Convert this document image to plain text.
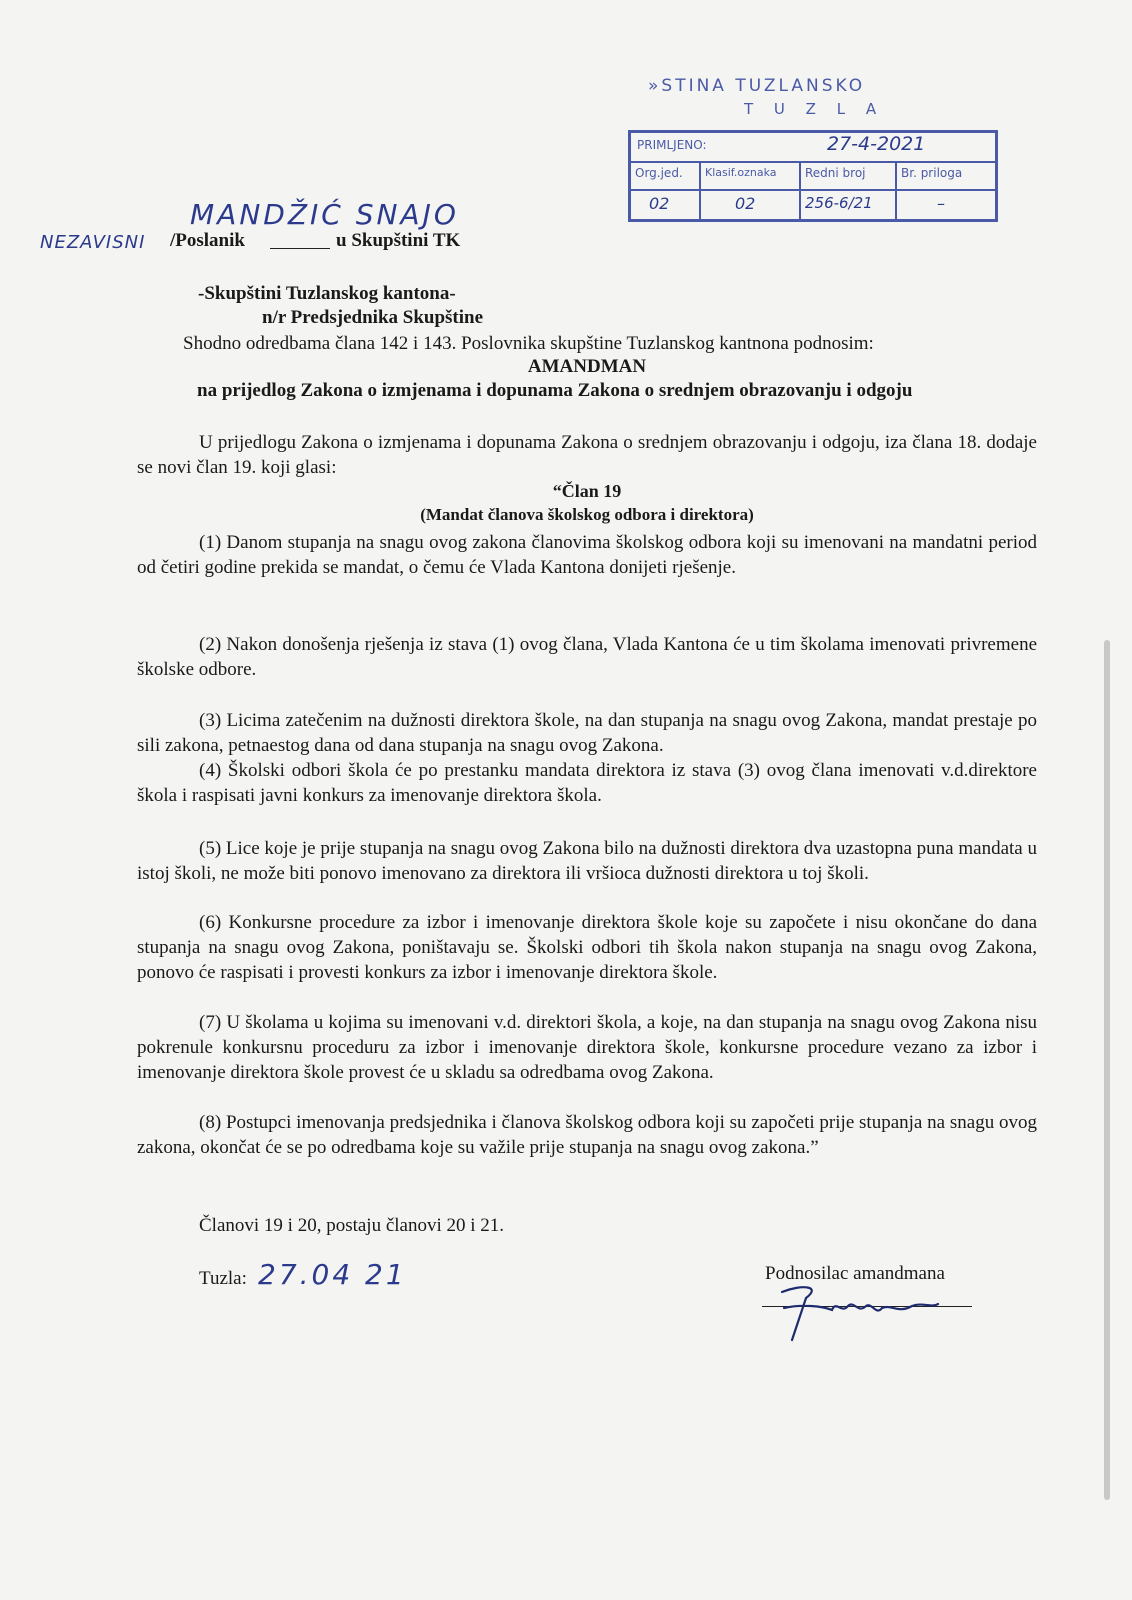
»STINA TUZLANSKO
T U Z L A
PRIMLJENO:	27-4-2021
Org.jed.	Klasif.oznaka	Redni broj	Br. priloga
02	02	256-6/21	–
MANDŽIĆ SNAJO
NEZAVISNI /Poslanik	u Skupštini TK
-Skupštini Tuzlanskog kantona-
n/r Predsjednika Skupštine
Shodno odredbama člana 142 i 143. Poslovnika skupštine Tuzlanskog kantnona podnosim:
AMANDMAN
na prijedlog Zakona o izmjenama i dopunama Zakona o srednjem obrazovanju i odgoju
U prijedlogu Zakona o izmjenama i dopunama Zakona o srednjem obrazovanju i odgoju, iza člana 18. dodaje se novi član 19. koji glasi:
“Član 19
(Mandat članova školskog odbora i direktora)
(1) Danom stupanja na snagu ovog zakona članovima školskog odbora koji su imenovani na mandatni period od četiri godine prekida se mandat, o čemu će Vlada Kantona donijeti rješenje.
(2) Nakon donošenja rješenja iz stava (1) ovog člana, Vlada Kantona će u tim školama imenovati privremene školske odbore.
(3) Licima zatečenim na dužnosti direktora škole, na dan stupanja na snagu ovog Zakona, mandat prestaje po sili zakona, petnaestog dana od dana stupanja na snagu ovog Zakona.
(4) Školski odbori škola će po prestanku mandata direktora iz stava (3) ovog člana imenovati v.d.direktore škola i raspisati javni konkurs za imenovanje direktora škola.
(5) Lice koje je prije stupanja na snagu ovog Zakona bilo na dužnosti direktora dva uzastopna puna mandata u istoj školi, ne može biti ponovo imenovano za direktora ili vršioca dužnosti direktora u toj školi.
(6) Konkursne procedure za izbor i imenovanje direktora škole koje su započete i nisu okončane do dana stupanja na snagu ovog Zakona, poništavaju se. Školski odbori tih škola nakon stupanja na snagu ovog Zakona, ponovo će raspisati i provesti konkurs za izbor i imenovanje direktora škole.
(7) U školama u kojima su imenovani v.d. direktori škola, a koje, na dan stupanja na snagu ovog Zakona nisu pokrenule konkursnu proceduru za izbor i imenovanje direktora škole, konkursne procedure vezano za izbor i imenovanje direktora škole provest će u skladu sa odredbama ovog Zakona.
(8) Postupci imenovanja predsjednika i članova školskog odbora koji su započeti prije stupanja na snagu ovog zakona, okončat će se po odredbama koje su važile prije stupanja na snagu ovog zakona.”
Članovi 19 i 20, postaju članovi 20 i 21.
Tuzla: 27.04 21	Podnosilac amandmana
